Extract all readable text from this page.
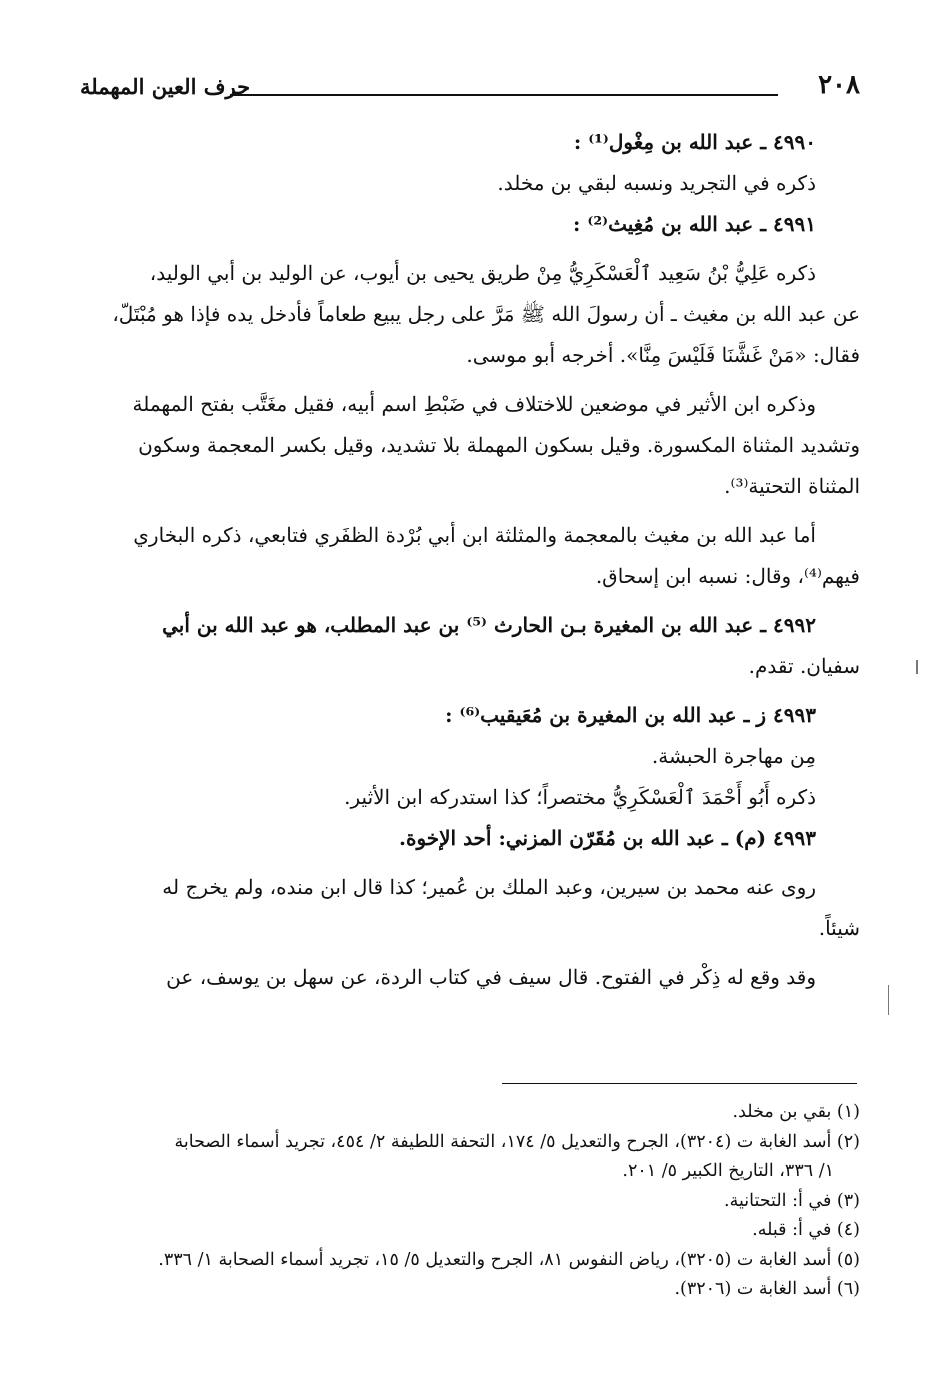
٢٠٨
حرف العين المهملة

٤٩٩٠ ـ عبد الله بن مِغْول⁽¹⁾ :

ذكره في التجريد ونسبه لبقي بن مخلد.

٤٩٩١ ـ عبد الله بن مُغِيث⁽²⁾ :

ذكره عَلِيُّ بْنُ سَعِيد ٱلْعَسْكَرِيُّ مِنْ طريق يحيى بن أيوب، عن الوليد بن أبي الوليد،

عن عبد الله بن مغيث ـ أن رسولَ الله ﷺ مَرَّ على رجل يبيع طعاماً فأدخل يده فإذا هو مُبْتَلّ،

فقال: «مَنْ غَشَّنَا فَلَيْسَ مِنَّا». أخرجه أبو موسى.

وذكره ابن الأثير في موضعين للاختلاف في ضَبْطِ اسم أبيه، فقيل مغَتَّب بفتح المهملة

وتشديد المثناة المكسورة. وقيل بسكون المهملة بلا تشديد، وقيل بكسر المعجمة وسكون

المثناة التحتية⁽³⁾.

أما عبد الله بن مغيث بالمعجمة والمثلثة ابن أبي بُرْدة الظفَري فتابعي، ذكره البخاري

فيهم⁽⁴⁾، وقال: نسبه ابن إسحاق.

٤٩٩٢ ـ عبد الله بن المغيرة بـن الحارث ⁽⁵⁾ بن عبد المطلب، هو عبد الله بن أبي

سفيان. تقدم.

٤٩٩٣ ز ـ عبد الله بن المغيرة بن مُعَيقيب⁽⁶⁾ :

مِن مهاجرة الحبشة.

ذكره أَبُو أَحْمَدَ ٱلْعَسْكَرِيُّ مختصراً؛ كذا استدركه ابن الأثير.

٤٩٩٣ (م) ـ عبد الله بن مُقَرّن المزني: أحد الإخوة.

روى عنه محمد بن سيرين، وعبد الملك بن عُمير؛ كذا قال ابن منده، ولم يخرج له

شيئاً.

وقد وقع له ذِكْر في الفتوح. قال سيف في كتاب الردة، عن سهل بن يوسف، عن

(١) بقي بن مخلد.

(٢) أسد الغابة ت (٣٢٠٤)، الجرح والتعديل ٥/ ١٧٤، التحفة اللطيفة ٢/ ٤٥٤، تجريد أسماء الصحابة

١/ ٣٣٦، التاريخ الكبير ٥/ ٢٠١.

(٣) في أ: التحتانية.

(٤) في أ: قبله.

(٥) أسد الغابة ت (٣٢٠٥)، رياض النفوس ٨١، الجرح والتعديل ٥/ ١٥، تجريد أسماء الصحابة ١/ ٣٣٦.

(٦) أسد الغابة ت (٣٢٠٦).
